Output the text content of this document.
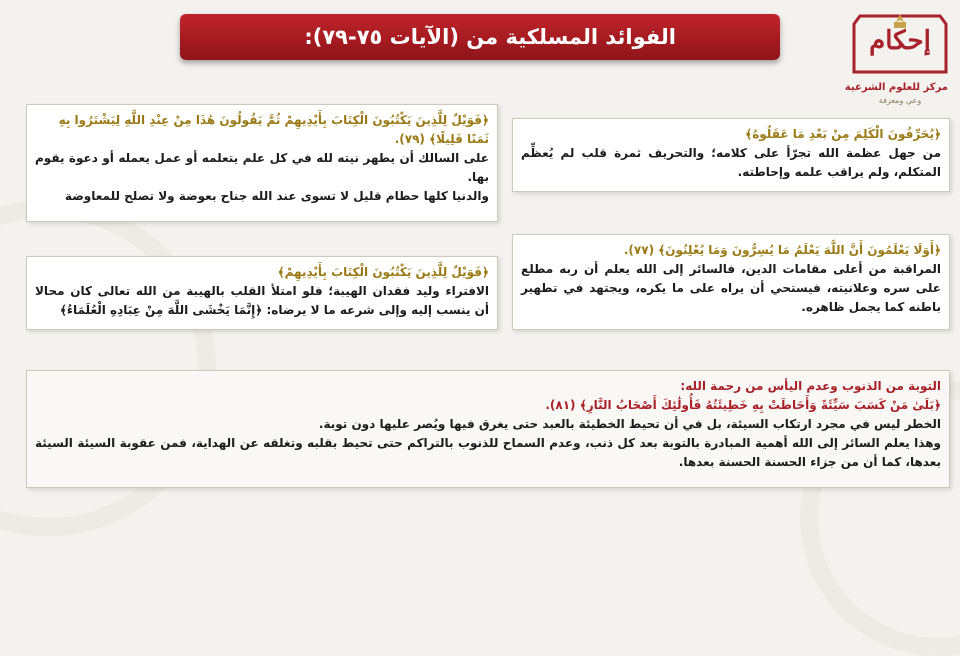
الفوائد المسلكية من (الآيات ٧٥-٧٩):	إحكام
مركز للعلوم الشرعية
وعي ومعرفة
﴿يُحَرِّفُونَ الْكَلِمَ مِنْ بَعْدِ مَا عَقَلُوهُ﴾
من جهل عظمة الله تجرّأ على كلامه؛ والتحريف ثمرة قلب لم يُعظِّم المتكلم، ولم يراقب علمه وإحاطته.
﴿أَوَلَا يَعْلَمُونَ أَنَّ اللَّهَ يَعْلَمُ مَا يُسِرُّونَ وَمَا يُعْلِنُونَ﴾ (٧٧).
المراقبة من أعلى مقامات الدين، فالسائر إلى الله يعلم أن ربه مطلع على سره وعلانيته، فيستحي أن يراه على ما يكره، ويجتهد في تطهير باطنه كما يجمل ظاهره.
﴿فَوَيْلٌ لِلَّذِينَ يَكْتُبُونَ الْكِتَابَ بِأَيْدِيهِمْ ثُمَّ يَقُولُونَ هَٰذَا مِنْ عِنْدِ اللَّهِ لِيَشْتَرُوا بِهِ ثَمَنًا قَلِيلًا﴾ (٧٩).
على السالك أن يطهر نيته لله في كل علم يتعلمه أو عمل يعمله أو دعوة يقوم بها.
والدنيا كلها حطام قليل لا تسوى عند الله جناح بعوضة ولا تصلح للمعاوضة
﴿فَوَيْلٌ لِلَّذِينَ يَكْتُبُونَ الْكِتَابَ بِأَيْدِيهِمْ﴾
الافتراء وليد فقدان الهيبة؛ فلو امتلأ القلب بالهيبة من الله تعالى كان محالا أن ينسب إليه وإلى شرعه ما لا يرضاه: ﴿إِنَّمَا يَخْشَى اللَّهَ مِنْ عِبَادِهِ الْعُلَمَاءُ﴾
التوبة من الذنوب وعدم اليأس من رحمة الله:
﴿بَلَىٰ مَنْ كَسَبَ سَيِّئَةً وَأَحَاطَتْ بِهِ خَطِيئَتُهُ فَأُولَٰئِكَ أَصْحَابُ النَّارِ﴾ (٨١).
الخطر ليس في مجرد ارتكاب السيئة، بل في أن تحيط الخطيئة بالعبد حتى يغرق فيها ويُصر عليها دون توبة.
وهذا يعلم السائر إلى الله أهمية المبادرة بالتوبة بعد كل ذنب، وعدم السماح للذنوب بالتراكم حتى تحيط بقلبه وتغلقه عن الهداية، فمن عقوبة السيئة السيئة بعدها، كما أن من جزاء الحسنة الحسنة بعدها.
